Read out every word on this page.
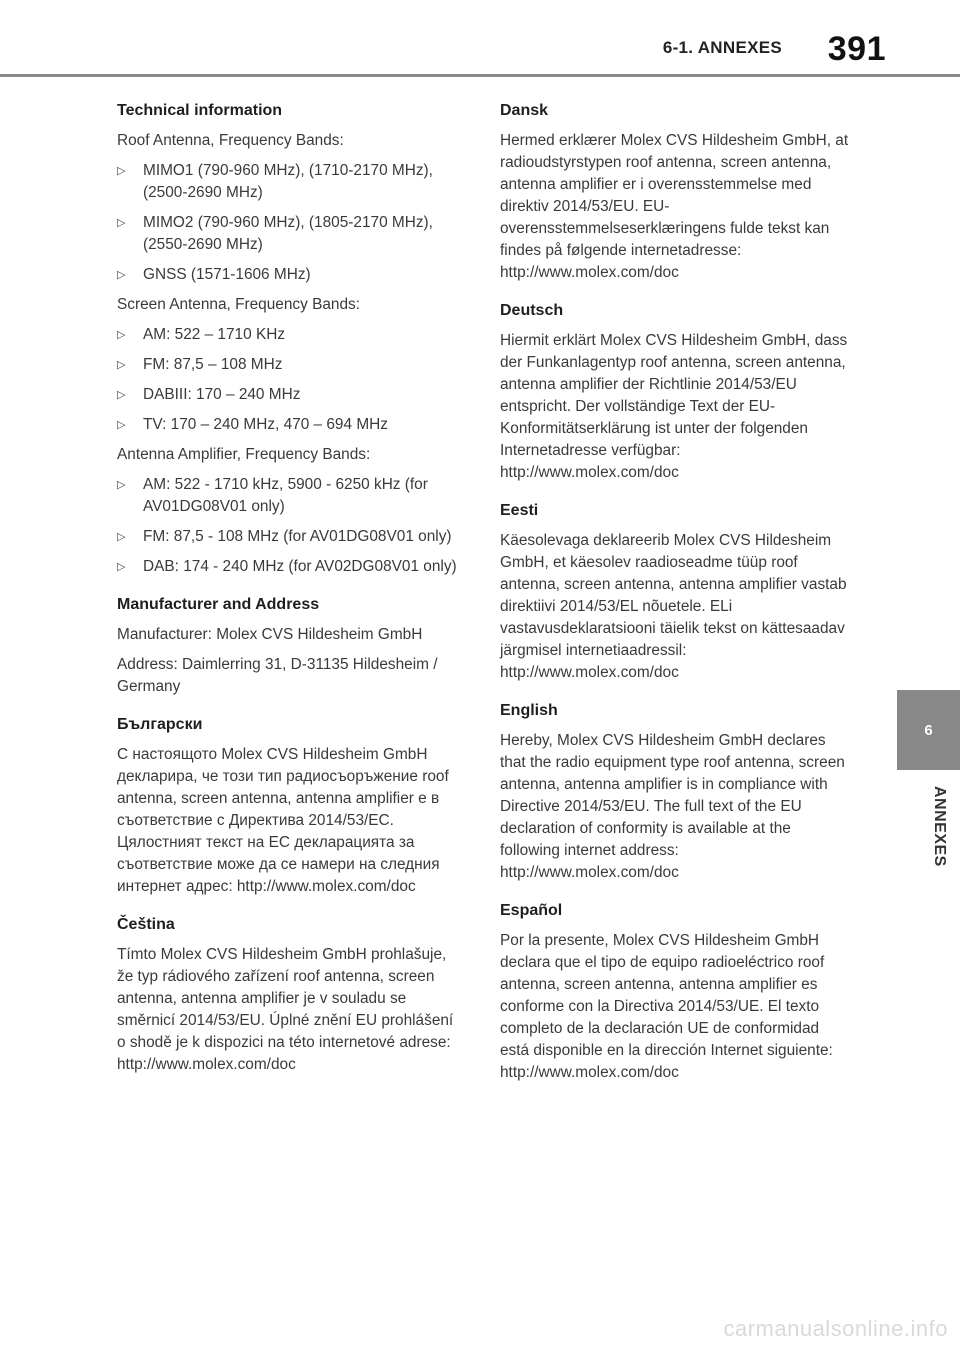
6-1. ANNEXES 391
6
ANNEXES
Technical information

Roof Antenna, Frequency Bands:

▷ MIMO1 (790-960 MHz), (1710-2170 MHz), (2500-2690 MHz)
▷ MIMO2 (790-960 MHz), (1805-2170 MHz), (2550-2690 MHz)
▷ GNSS (1571-1606 MHz)

Screen Antenna, Frequency Bands:

▷ AM: 522 – 1710 KHz
▷ FM: 87,5 – 108 MHz
▷ DABIII: 170 – 240 MHz
▷ TV: 170 – 240 MHz, 470 – 694 MHz

Antenna Amplifier, Frequency Bands:

▷ AM: 522 - 1710 kHz, 5900 - 6250 kHz (for AV01DG08V01 only)
▷ FM: 87,5 - 108 MHz (for AV01DG08V01 only)
▷ DAB: 174 - 240 MHz (for AV02DG08V01 only)
Manufacturer and Address

Manufacturer: Molex CVS Hildesheim GmbH

Address: Daimlerring 31, D-31135 Hildesheim / Germany

Български

С настоящото Molex CVS Hildesheim GmbH декларира, че този тип радиосъоръжение roof antenna, screen antenna, antenna amplifier е в съответствие с Директива 2014/53/ЕС. Цялостният текст на ЕС декларацията за съответствие може да се намери на следния интернет адрес: http://www.molex.com/doc

Čeština

Tímto Molex CVS Hildesheim GmbH prohlašuje, že typ rádiového zařízení roof antenna, screen antenna, antenna amplifier je v souladu se směrnicí 2014/53/EU. Úplné znění EU prohlášení o shodě je k dispozici na této internetové adrese: http://www.molex.com/doc

Dansk

Hermed erklærer Molex CVS Hildesheim GmbH, at radioudstyrstypen roof antenna, screen antenna, antenna amplifier er i overensstemmelse med direktiv 2014/53/EU. EU-overensstemmelseserklæringens fulde tekst kan findes på følgende internetadresse: http://www.molex.com/doc

Deutsch

Hiermit erklärt Molex CVS Hildesheim GmbH, dass der Funkanlagentyp roof antenna, screen antenna, antenna amplifier der Richtlinie 2014/53/EU entspricht. Der vollständige Text der EU-Konformitätserklärung ist unter der folgenden Internetadresse verfügbar: http://www.molex.com/doc

Eesti

Käesolevaga deklareerib Molex CVS Hildesheim GmbH, et käesolev raadioseadme tüüp roof antenna, screen antenna, antenna amplifier vastab direktiivi 2014/53/EL nõuetele. ELi vastavusdeklaratsiooni täielik tekst on kättesaadav järgmisel internetiaadressil: http://www.molex.com/doc

English

Hereby, Molex CVS Hildesheim GmbH declares that the radio equipment type roof antenna, screen antenna, antenna amplifier is in compliance with Directive 2014/53/EU. The full text of the EU declaration of conformity is available at the following internet address: http://www.molex.com/doc

Español

Por la presente, Molex CVS Hildesheim GmbH declara que el tipo de equipo radioeléctrico roof antenna, screen antenna, antenna amplifier es conforme con la Directiva 2014/53/UE. El texto completo de la declaración UE de conformidad está disponible en la dirección Internet siguiente: http://www.molex.com/doc

carmanualsonline.info
